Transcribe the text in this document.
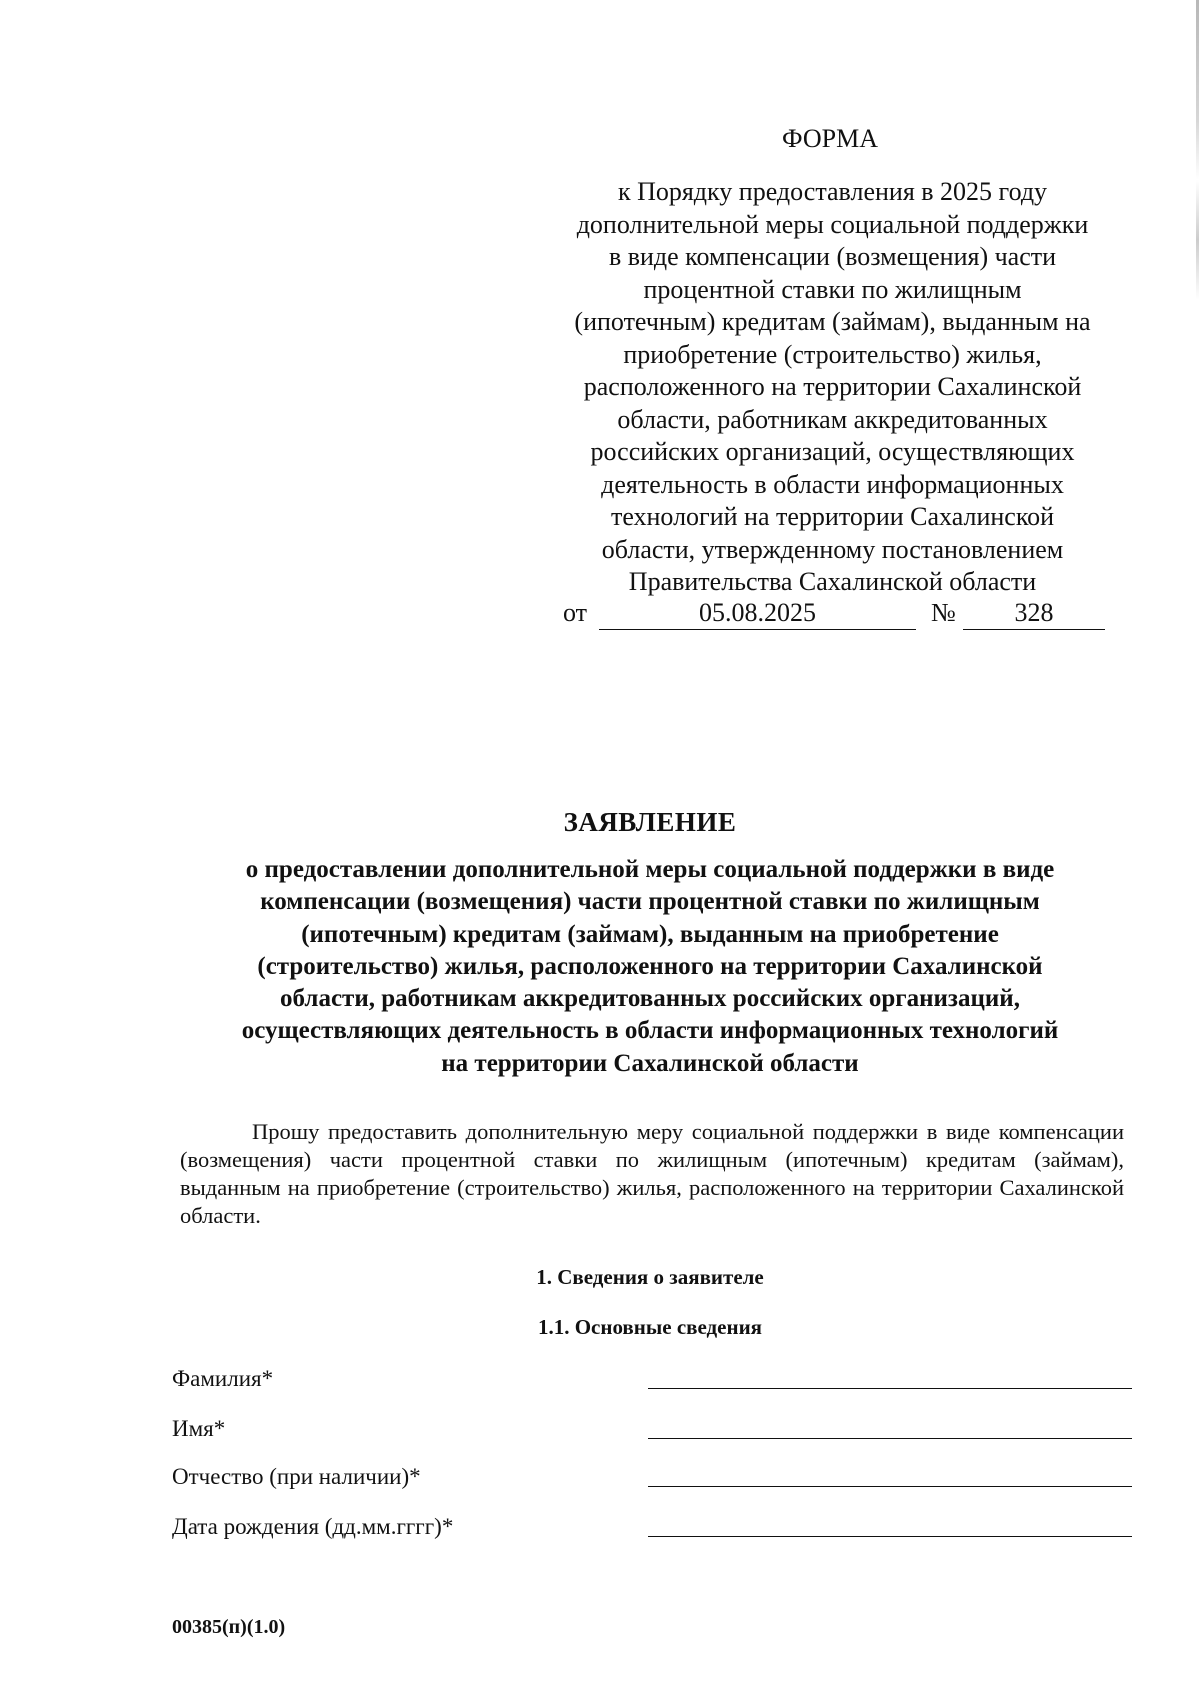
ФОРМА
к Порядку предоставления в 2025 году
дополнительной меры социальной поддержки
в виде компенсации (возмещения) части
процентной ставки по жилищным
(ипотечным) кредитам (займам), выданным на
приобретение (строительство) жилья,
расположенного на территории Сахалинской
области, работникам аккредитованных
российских организаций, осуществляющих
деятельность в области информационных
технологий на территории Сахалинской
области, утвержденному постановлением
Правительства Сахалинской области
от	05.08.2025	№	328
ЗАЯВЛЕНИЕ
о предоставлении дополнительной меры социальной поддержки в виде
компенсации (возмещения) части процентной ставки по жилищным
(ипотечным) кредитам (займам), выданным на приобретение
(строительство) жилья, расположенного на территории Сахалинской
области, работникам аккредитованных российских организаций,
осуществляющих деятельность в области информационных технологий
на территории Сахалинской области
Прошу предоставить дополнительную меру социальной поддержки в виде компенсации (возмещения) части процентной ставки по жилищным (ипотечным) кредитам (займам), выданным на приобретение (строительство) жилья, расположенного на территории Сахалинской области.
1. Сведения о заявителе
1.1. Основные сведения
Фамилия*
Имя*
Отчество (при наличии)*
Дата рождения (дд.мм.гггг)*
00385(п)(1.0)
